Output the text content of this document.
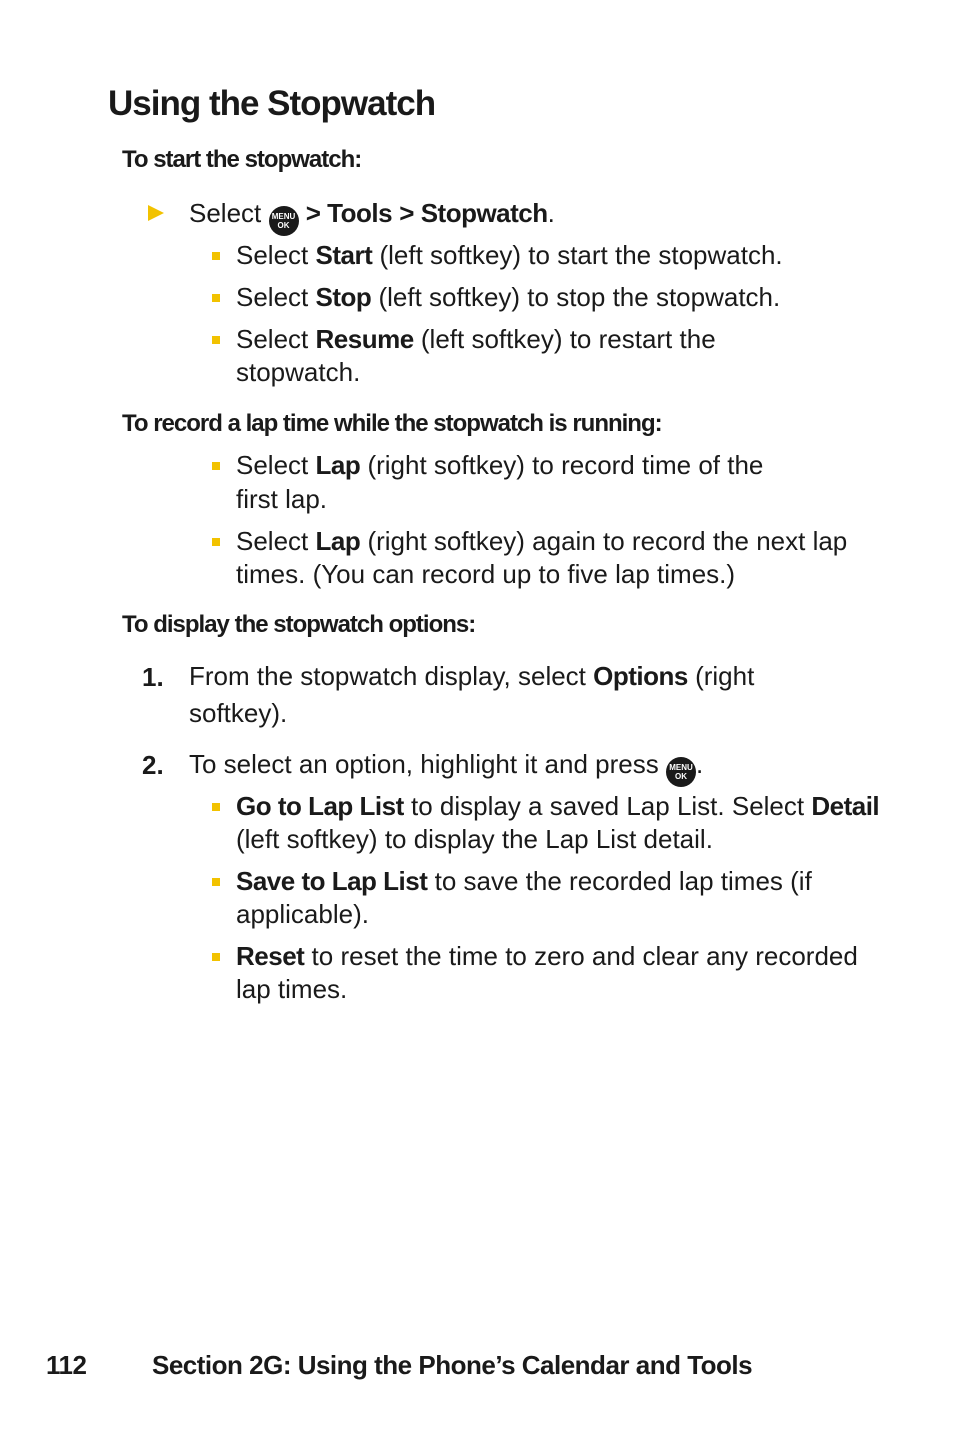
Using the Stopwatch
To start the stopwatch:

Select	MENU
OK > Tools > Stopwatch.

Select Start (left softkey) to start the stopwatch.

Select Stop (left softkey) to stop the stopwatch.

Select Resume (left softkey) to restart the

stopwatch.

To record a lap time while the stopwatch is running:

Select Lap (right softkey) to record time of the

first lap.

Select Lap (right softkey) again to record the next lap

times. (You can record up to five lap times.)

To display the stopwatch options:
1. From the stopwatch display, select Options (right

softkey).

2. To select an option, highlight it and press	MENU
OK .

Go to Lap List to display a saved Lap List. Select Detail

(left softkey) to display the Lap List detail.

Save to Lap List to save the recorded lap times (if

applicable).

Reset to reset the time to zero and clear any recorded

lap times.

112	Section 2G: Using the Phone’s Calendar and Tools
